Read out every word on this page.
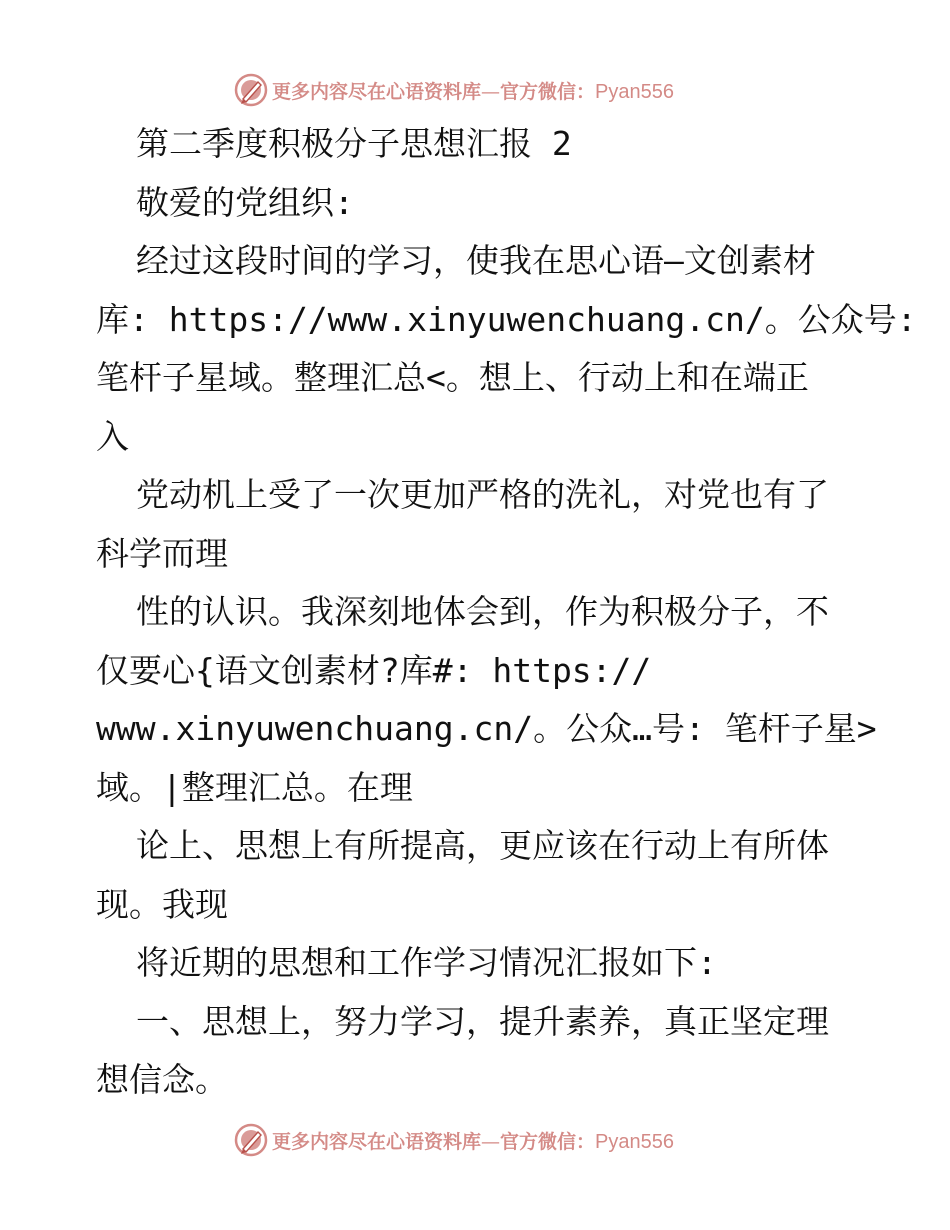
更多内容尽在心语资料库—官方微信：Pyan556
第二季度积极分子思想汇报 2
敬爱的党组织:
经过这段时间的学习，使我在思心语—文创素材
库: https://www.xinyuwenchuang.cn/。公众号:
笔杆子星域。整理汇总<。想上、行动上和在端正
入
党动机上受了一次更加严格的洗礼，对党也有了
科学而理
性的认识。我深刻地体会到，作为积极分子，不
仅要心{语文创素材?库#: https://
www.xinyuwenchuang.cn/。公众…号: 笔杆子星>
域。|整理汇总。在理
论上、思想上有所提高，更应该在行动上有所体
现。我现
将近期的思想和工作学习情况汇报如下:
一、思想上，努力学习，提升素养，真正坚定理
想信念。
更多内容尽在心语资料库—官方微信：Pyan556
